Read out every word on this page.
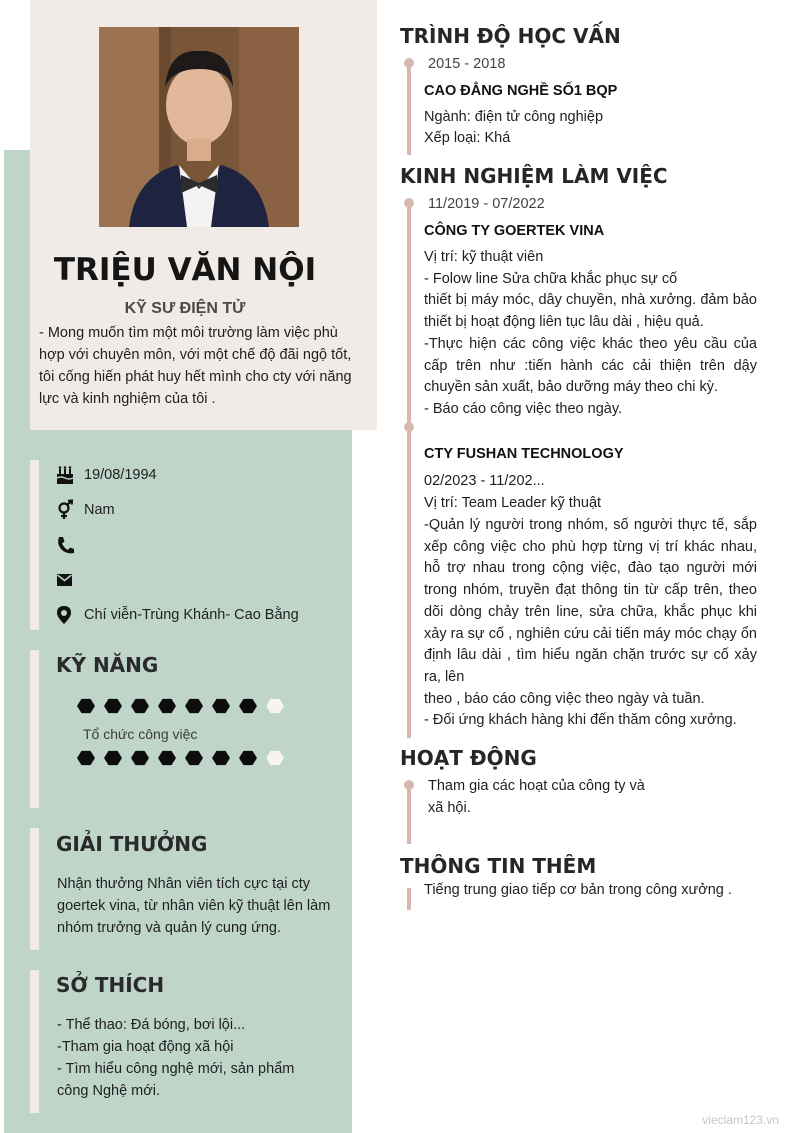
TRIỆU VĂN NỘI
KỸ SƯ ĐIỆN TỬ
- Mong muốn tìm một môi trường làm việc phù hợp với chuyên môn, với một chế độ đãi ngộ tốt, tôi cống hiến phát huy hết mình cho cty với năng lực và kinh nghiệm của tôi .
19/08/1994
Nam
Chí viễn-Trùng Khánh- Cao Bằng
KỸ NĂNG
Tổ chức công việc
GIẢI THƯỞNG
Nhận thưởng Nhân viên tích cực tại cty goertek vina, từ nhân viên kỹ thuật lên làm nhóm trưởng và quản lý cung ứng.
SỞ THÍCH
- Thể thao: Đá bóng, bơi lội...
-Tham gia hoạt động xã hội
- Tìm hiểu công nghệ mới, sản phẩm
công Nghệ mới.
TRÌNH ĐỘ HỌC VẤN
2015 - 2018
CAO ĐẲNG NGHỀ SỐ1 BQP
Ngành: điện tử công nghiệp
Xếp loại: Khá
KINH NGHIỆM LÀM VIỆC
11/2019 - 07/2022
CÔNG TY GOERTEK VINA
Vị trí: kỹ thuật viên
- Folow line Sửa chữa khắc phục sự cố
thiết bị máy móc, dây chuyền, nhà xưởng. đảm bảo thiết bị hoạt động liên tục lâu dài , hiệu quả.
-Thực hiện các công việc khác theo yêu cầu của cấp trên như :tiến hành các cải thiện trên dậy chuyền sản xuất, bảo dưỡng máy theo chi kỳ.
- Báo cáo công việc theo ngày.
CTY FUSHAN TECHNOLOGY
02/2023 - 11/202...
Vị trí: Team Leader kỹ thuật
-Quản lý người trong nhóm, số người thực tế, sắp xếp công việc cho phù hợp từng vị trí khác nhau, hỗ trợ nhau trong cộng việc, đào tạo người mới trong nhóm, truyền đạt thông tin từ cấp trên, theo dõi dòng chảy trên line, sửa chữa, khắc phục khi xảy ra sự cố , nghiên cứu cải tiến máy móc chạy ổn định lâu dài , tìm hiểu ngăn chặn trước sự cố xảy ra, lên
theo , báo cáo công việc theo ngày và tuần.
- Đối ứng khách hàng khi đến thăm công xưởng.
HOẠT ĐỘNG
Tham gia các hoạt của công ty và xã hội.
THÔNG TIN THÊM
Tiếng trung giao tiếp cơ bản trong công xưởng .
vieclam123.vn
